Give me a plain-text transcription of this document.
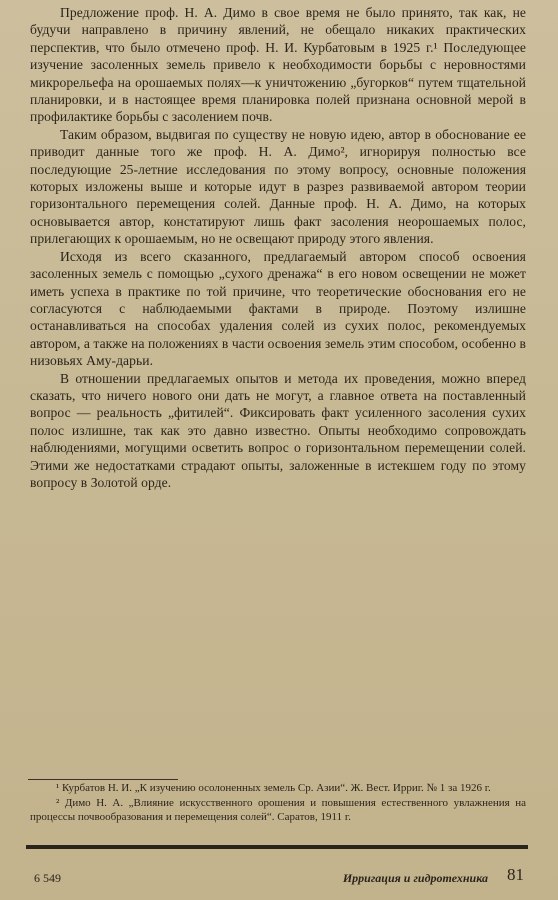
Предложение проф. Н. А. Димо в свое время не было принято, так как, не будучи направлено в причину явлений, не обещало никаких практических перспектив, что было отмечено проф. Н. И. Курбатовым в 1925 г.¹ Последующее изучение засоленных земель привело к необходимости борьбы с неровностями микрорельефа на орошаемых полях—к уничтожению „бугорков“ путем тщательной планировки, и в настоящее время планировка полей признана основной мерой в профилактике борьбы с засолением почв.

Таким образом, выдвигая по существу не новую идею, автор в обоснование ее приводит данные того же проф. Н. А. Димо², игнорируя полностью все последующие 25-летние исследования по этому вопросу, основные положения которых изложены выше и которые идут в разрез развиваемой автором теории горизонтального перемещения солей. Данные проф. Н. А. Димо, на которых основывается автор, констатируют лишь факт засоления неорошаемых полос, прилегающих к орошаемым, но не освещают природу этого явления.

Исходя из всего сказанного, предлагаемый автором способ освоения засоленных земель с помощью „сухого дренажа“ в его новом освещении не может иметь успеха в практике по той причине, что теоретические обоснования его не согласуются с наблюдаемыми фактами в природе. Поэтому излишне останавливаться на способах удаления солей из сухих полос, рекомендуемых автором, а также на положениях в части освоения земель этим способом, особенно в низовьях Аму-дарьи.

В отношении предлагаемых опытов и метода их проведения, можно вперед сказать, что ничего нового они дать не могут, а главное ответа на поставленный вопрос — реальность „фитилей“. Фиксировать факт усиленного засоления сухих полос излишне, так как это давно известно. Опыты необходимо сопровождать наблюдениями, могущими осветить вопрос о горизонтальном перемещении солей. Этими же недостатками страдают опыты, заложенные в истекшем году по этому вопросу в Золотой орде.

¹ Курбатов Н. И. „К изучению осолоненных земель Ср. Азии“. Ж. Вест. Ирриг. № 1 за 1926 г.

² Димо Н. А. „Влияние искусственного орошения и повышения естественного увлажнения на процессы почвообразования и перемещения солей“. Саратов, 1911 г.

6 549	Ирригация и гидротехника 81
